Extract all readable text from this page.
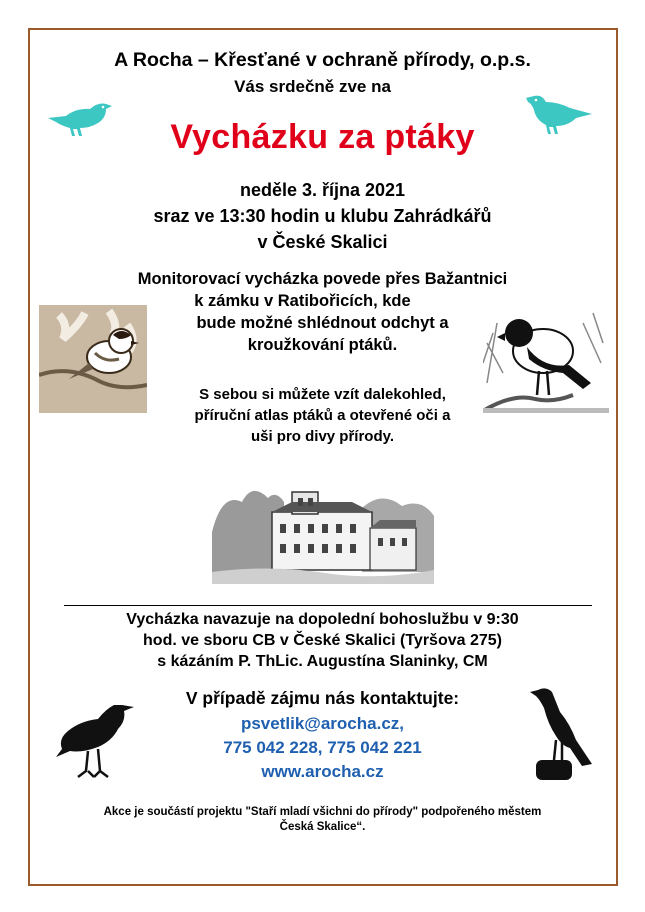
A Rocha – Křesťané v ochraně přírody, o.p.s.
Vás srdečně zve na
Vycházku za ptáky
neděle 3. října 2021
sraz ve 13:30 hodin u klubu Zahrádkářů
v České Skalici
Monitorovací vycházka povede přes Bažantnici
k zámku v Ratibořicích, kde
bude možné shlédnout odchyt a
kroužkování ptáků.
S sebou si můžete vzít dalekohled,
příruční atlas ptáků a otevřené oči a
uši pro divy přírody.
Vycházka navazuje na dopolední bohoslužbu v 9:30
hod. ve sboru CB v České Skalici (Tyršova 275)
s kázáním P. ThLic. Augustína Slaninky, CM
V případě zájmu nás kontaktujte:
psvetlik@arocha.cz,
775 042 228, 775 042 221
www.arocha.cz
Akce je součástí projektu "Staří mladí všichni do přírody" podpořeného městem
Česká Skalice“.
